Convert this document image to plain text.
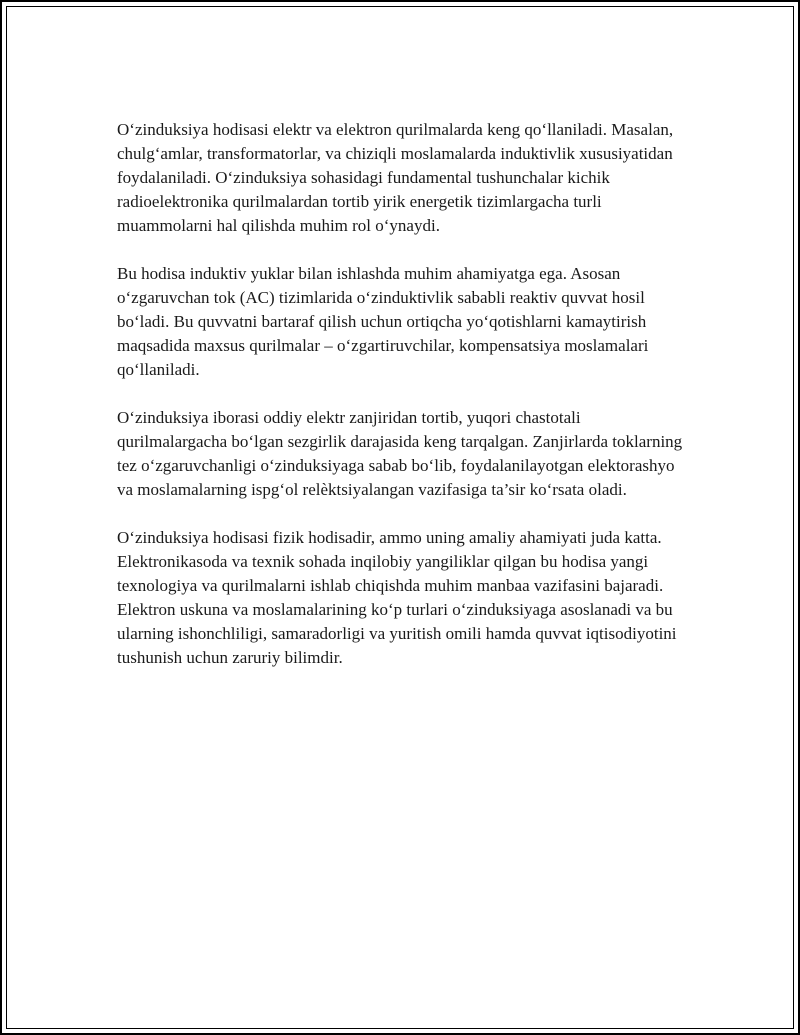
O‘zinduksiya hodisasi elektr va elektron qurilmalarda keng qo‘llaniladi. Masalan, chulg‘amlar, transformatorlar, va chiziqli moslamalarda induktivlik xususiyatidan foydalaniladi. O‘zinduksiya sohasidagi fundamental tushunchalar kichik radioelektronika qurilmalardan tortib yirik energetik tizimlargacha turli muammolarni hal qilishda muhim rol o‘ynaydi.

Bu hodisa induktiv yuklar bilan ishlashda muhim ahamiyatga ega. Asosan o‘zgaruvchan tok (AC) tizimlarida o‘zinduktivlik sababli reaktiv quvvat hosil bo‘ladi. Bu quvvatni bartaraf qilish uchun ortiqcha yo‘qotishlarni kamaytirish maqsadida maxsus qurilmalar – o‘zgartiruvchilar, kompensatsiya moslamalari qo‘llaniladi.

O‘zinduksiya iborasi oddiy elektr zanjiridan tortib, yuqori chastotali qurilmalargacha bo‘lgan sezgirlik darajasida keng tarqalgan. Zanjirlarda toklarning tez o‘zgaruvchanligi o‘zinduksiyaga sabab bo‘lib, foydalanilayotgan elektorashyo va moslamalarning ispg‘ol relèktsiyalangan vazifasiga ta’sir ko‘rsata oladi.

O‘zinduksiya hodisasi fizik hodisadir, ammo uning amaliy ahamiyati juda katta. Elektronikasoda va texnik sohada inqilobiy yangiliklar qilgan bu hodisa yangi texnologiya va qurilmalarni ishlab chiqishda muhim manbaa vazifasini bajaradi. Elektron uskuna va moslamalarining ko‘p turlari o‘zinduksiyaga asoslanadi va bu ularning ishonchliligi, samaradorligi va yuritish omili hamda quvvat iqtisodiyotini tushunish uchun zaruriy bilimdir.
